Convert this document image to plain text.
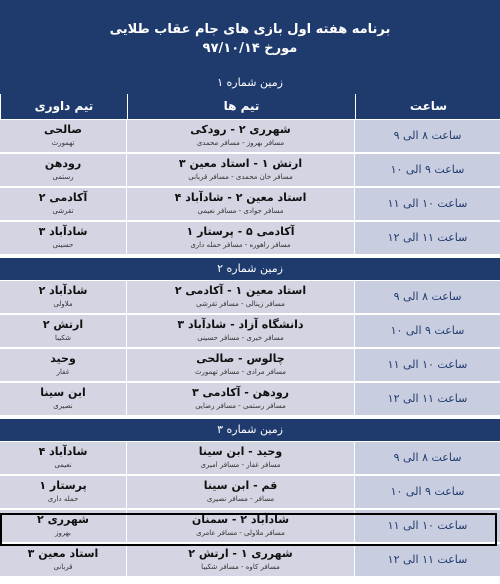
برنامه هفته اول بازی های جام عقاب طلایی
مورخ ۹۷/۱۰/۱۴
زمین شماره ۱
صالحی
تهمورث
شهرری ۲ - رودکی
مسافر بهروز - مسافر محمدی
ساعت ۸ الی ۹
رودهن
رستمی
ارتش ۱ - استاد معین ۳
مسافر خان محمدی - مسافر قربانی
ساعت ۹ الی ۱۰
آکادمی ۲
تقرشی
استاد معین ۲ - شادآباد ۴
مسافر جوادی - مسافر نعیمی
ساعت ۱۰ الی ۱۱
شادآباد ۳
حسینی
آکادمی ۵ - پرستار ۱
مسافر راهوره - مسافر حمله داری
ساعت ۱۱ الی ۱۲
زمین شماره ۲
شادآباد ۲
ملاولی
استاد معین ۱ - آکادمی ۲
مسافر زینالی - مسافر تقرشی
ساعت ۸ الی ۹
ارتش ۲
شکیبا
دانشگاه آزاد - شادآباد ۳
مسافر خیری - مسافر حسینی
ساعت ۹ الی ۱۰
وحید
غفار
چالوس - صالحی
مسافر مرادی - مسافر تهمورث
ساعت ۱۰ الی ۱۱
ابن سینا
نصیری
رودهن - آکادمی ۳
مسافر رستمی - مسافر رضایی
ساعت ۱۱ الی ۱۲
زمین شماره ۳
شادآباد ۴
نعیمی
وحید - ابن سینا
مسافر غفار - مسافر امیری
ساعت ۸ الی ۹
پرستار ۱
حمله داری
قم - ابن سینا
مسافر - مسافر نصیری
ساعت ۹ الی ۱۰
شهرری ۲
بهروز
شادآباد ۲ - سمنان
مسافر ملاولی - مسافر عامری
ساعت ۱۰ الی ۱۱
استاد معین ۳
قربانی
شهرری ۱ - ارتش ۲
مسافر کاوه - مسافر شکیبا
ساعت ۱۱ الی ۱۲
ساعت
تیم ها
تیم داوری
